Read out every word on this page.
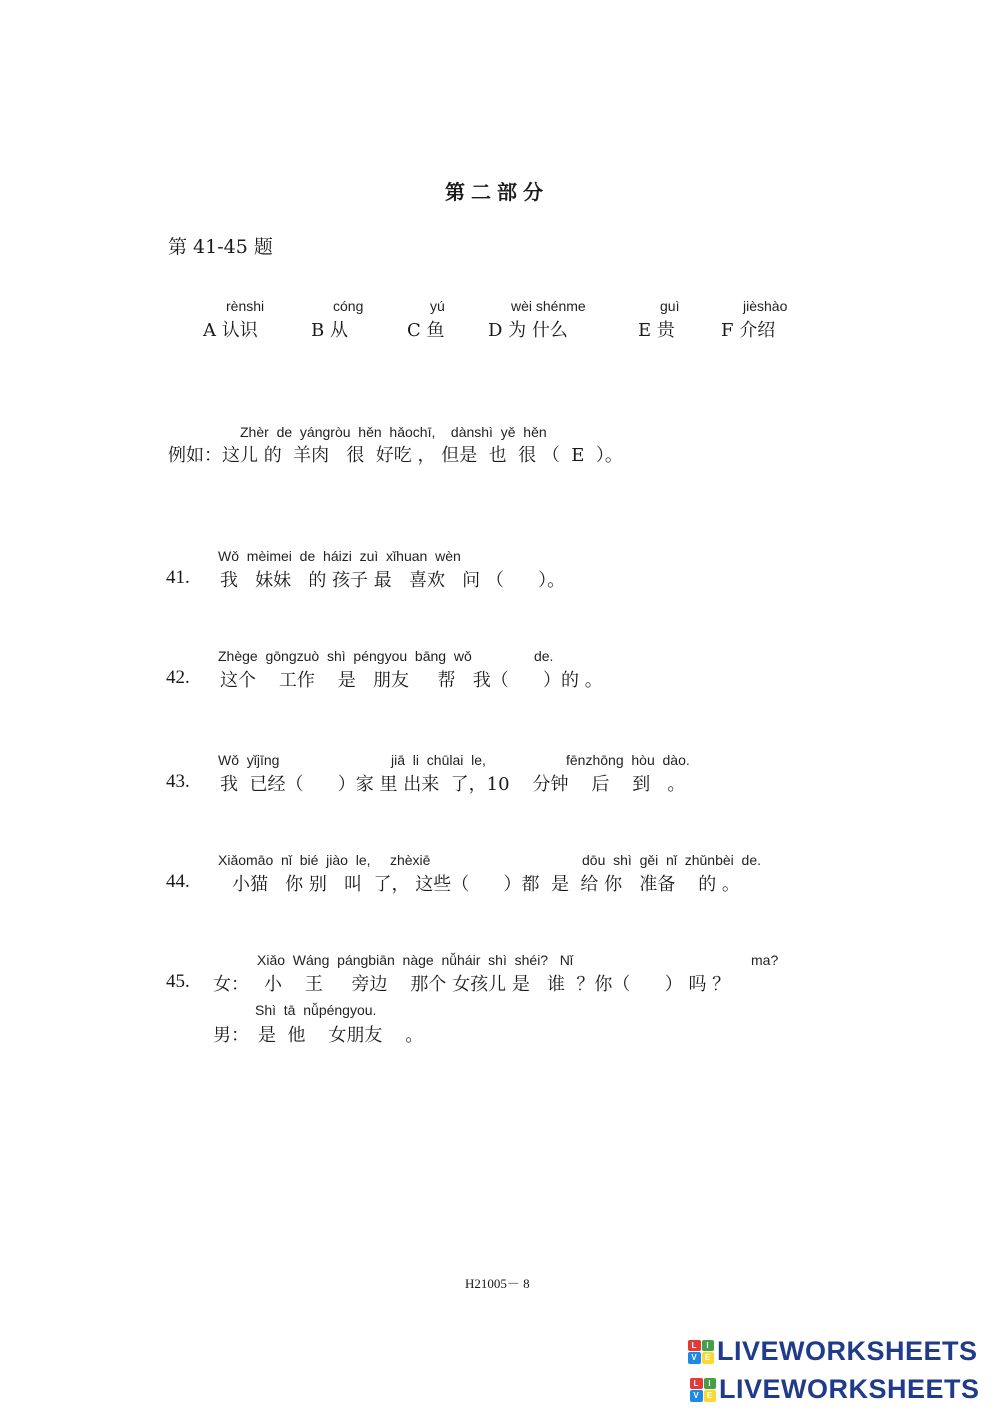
第二部分
第 41-45 题
rènshi
A 认识
cóng
B 从
yú
C 鱼
wèi shénme
D 为 什么
guì
E 贵
jièshào
F 介绍
Zhèr  de  yángròu  hěn  hǎochī,    dànshì  yě  hěn
例如：这儿 的  羊肉   很  好吃 ， 但是  也  很 （  E  ）。
Wǒ  mèimei  de  háizi  zuì  xǐhuan  wèn
41. 我   妹妹   的 孩子 最   喜欢   问 （      ）。
Zhège  gōngzuò  shì  péngyou  bāng  wǒ                de.
42. 这个    工作    是   朋友     帮   我（      ）的 。
Wǒ  yǐjīng	jiā  li  chūlai  le,	fēnzhōng  hòu  dào.
43. 我  已经（      ）家 里 出来  了，10    分钟    后    到   。
Xiǎomāo  nǐ  bié  jiào  le,     zhèxiē	dōu  shì  gěi  nǐ  zhǔnbèi  de.
44. 小猫   你 别   叫  了， 这些（      ）都  是  给 你   准备    的 。
Xiǎo  Wáng  pángbiān  nàge  nǚháir  shì  shéi?   Nǐ	ma?
45. 女： 小    王     旁边    那个 女孩儿 是   谁  ？你（      ） 吗 ？
Shì  tā  nǚpéngyou.
男： 是  他    女朋友    。
H21005－ 8
L	I
V E LIVEWORKSHEETS
L	I
V E LIVEWORKSHEETS
